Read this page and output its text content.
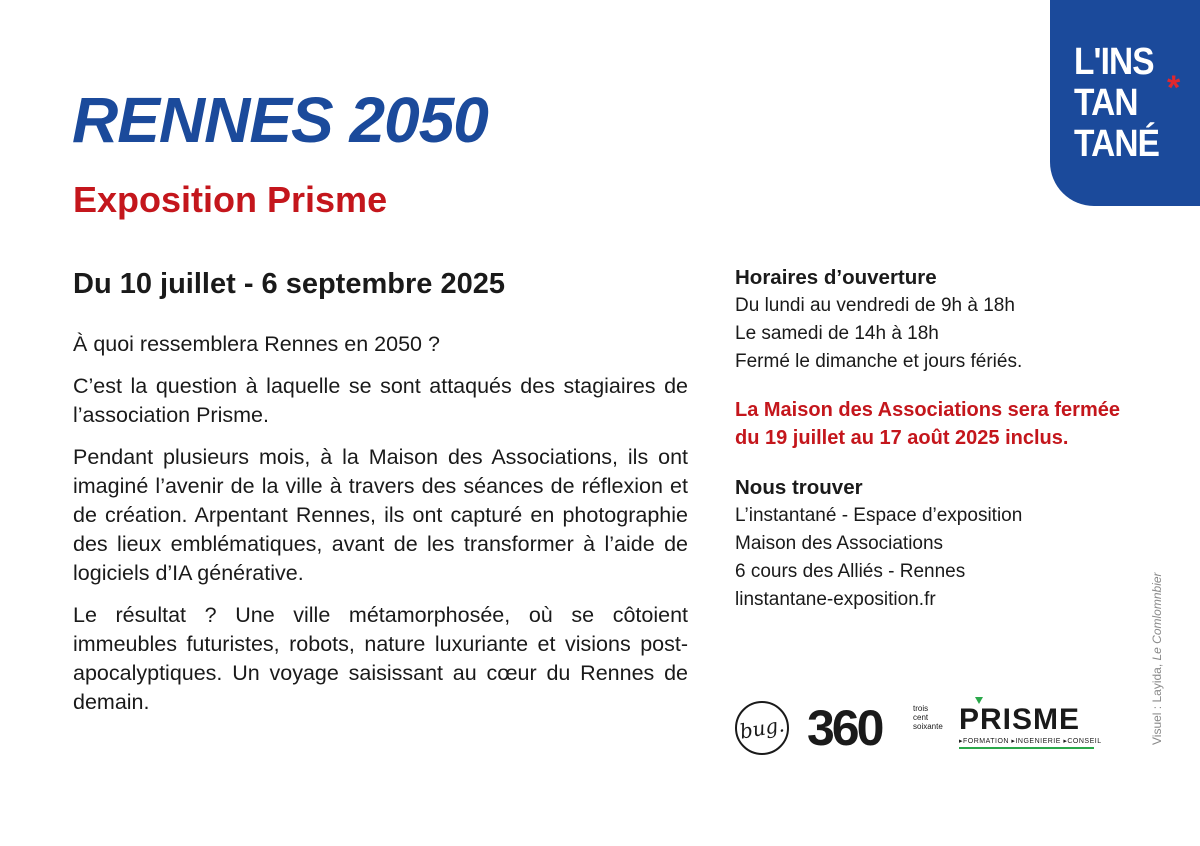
L'INS
TAN
TANÉ
*
RENNES 2050
Exposition Prisme
Du 10 juillet - 6 septembre 2025

À quoi ressemblera Rennes en 2050 ?

C’est la question à laquelle se sont attaqués des stagiaires de l’association Prisme.

Pendant plusieurs mois, à la Maison des Associations, ils ont imaginé l’avenir de la ville à travers des séances de réflexion et de création. Arpentant Rennes, ils ont capturé en photographie des lieux emblématiques, avant de les transformer à l’aide de logiciels d’IA générative.

Le résultat ? Une ville métamorphosée, où se côtoient immeubles futuristes, robots, nature luxuriante et visions post-apocalyptiques. Un voyage saisissant au cœur du Rennes de demain.

Horaires d’ouverture
Du lundi au vendredi de 9h à 18h
Le samedi de 14h à 18h
Fermé le dimanche et jours fériés.
La Maison des Associations sera fermée du 19 juillet au 17 août 2025 inclus.
Nous trouver
L’instantané - Espace d’exposition
Maison des Associations
6 cours des Alliés - Rennes
linstantane-exposition.fr
bug. 360	trois
cent
soixante PRISME
▸FORMATION ▸INGENIERIE ▸CONSEIL	Visuel : Layida, Le Comlomnbier
